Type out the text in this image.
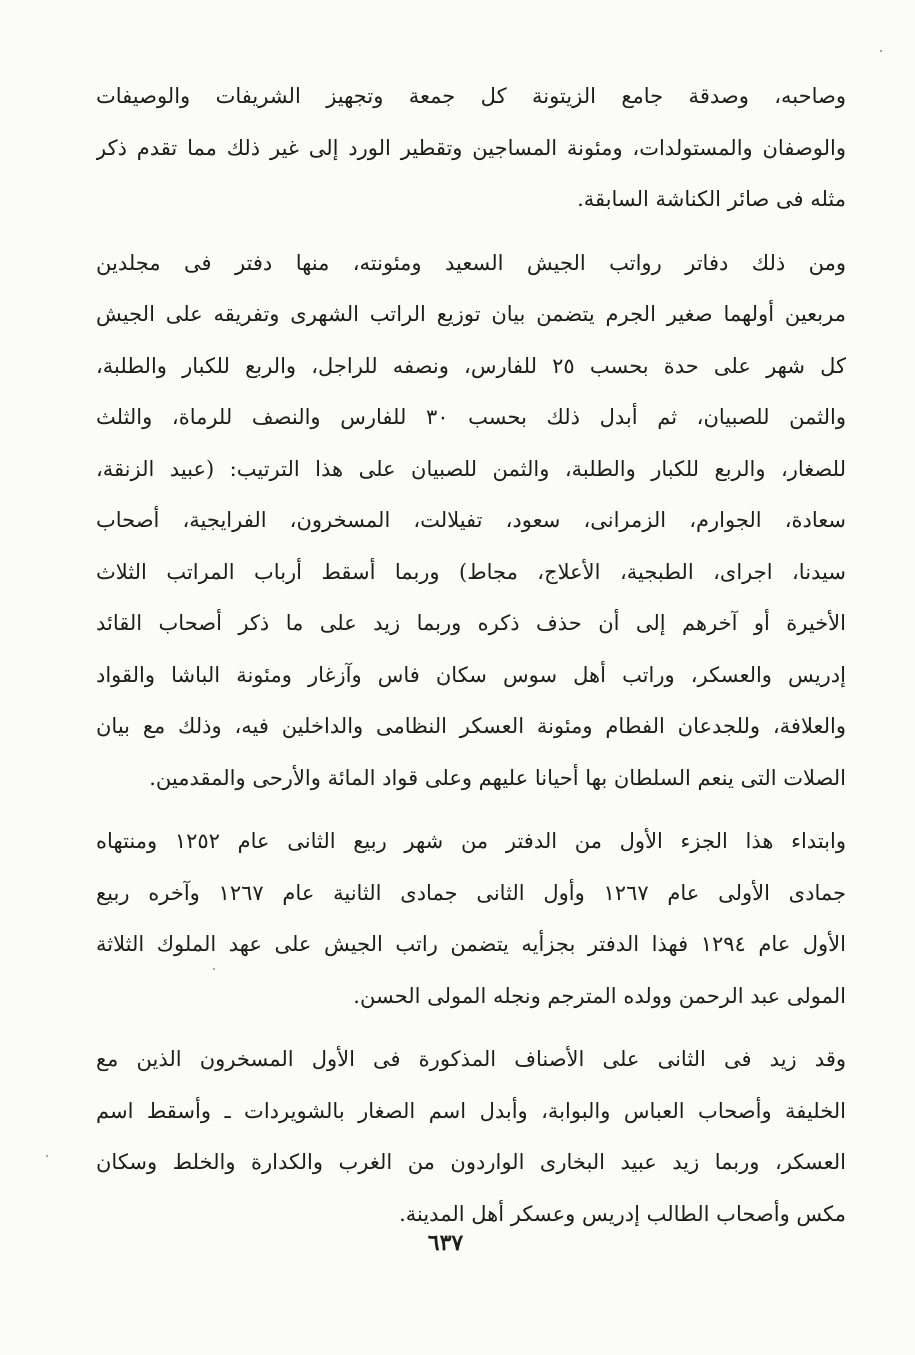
وصاحبه، وصدقة جامع الزيتونة كل جمعة وتجهيز الشريفات والوصيفات
والوصفان والمستولدات، ومئونة المساجين وتقطير الورد إلى غير ذلك مما تقدم ذكر
مثله فى صائر الكناشة السابقة.
ومن ذلك دفاتر رواتب الجيش السعيد ومئونته، منها دفتر فى مجلدين
مربعين أولهما صغير الجرم يتضمن بيان توزيع الراتب الشهرى وتفريقه على الجيش
كل شهر على حدة بحسب ٢٥ للفارس، ونصفه للراجل، والربع للكبار والطلبة،
والثمن للصبيان، ثم أبدل ذلك بحسب ٣٠ للفارس والنصف للرماة، والثلث
للصغار، والربع للكبار والطلبة، والثمن للصبيان على هذا الترتيب: (عبيد الزنقة،
سعادة، الجوارم، الزمرانى، سعود، تفيلالت، المسخرون، الفرايجية، أصحاب
سيدنا، اجراى، الطبجية، الأعلاج، مجاط) وربما أسقط أرباب المراتب الثلاث
الأخيرة أو آخرهم إلى أن حذف ذكره وربما زيد على ما ذكر أصحاب القائد
إدريس والعسكر، وراتب أهل سوس سكان فاس وآزغار ومئونة الباشا والقواد
والعلافة، وللجدعان الفطام ومئونة العسكر النظامى والداخلين فيه، وذلك مع بيان
الصلات التى ينعم السلطان بها أحيانا عليهم وعلى قواد المائة والأرحى والمقدمين.
وابتداء هذا الجزء الأول من الدفتر من شهر ربيع الثانى عام ١٢٥٢ ومنتهاه
جمادى الأولى عام ١٢٦٧ وأول الثانى جمادى الثانية عام ١٢٦٧ وآخره ربيع
الأول عام ١٢٩٤ فهذا الدفتر بجزأيه يتضمن راتب الجيش على عهد الملوك الثلاثة
المولى عبد الرحمن وولده المترجم ونجله المولى الحسن.
وقد زيد فى الثانى على الأصناف المذكورة فى الأول المسخرون الذين مع
الخليفة وأصحاب العباس والبوابة، وأبدل اسم الصغار بالشويردات ـ وأسقط اسم
العسكر، وربما زيد عبيد البخارى الواردون من الغرب والكدارة والخلط وسكان
مكس وأصحاب الطالب إدريس وعسكر أهل المدينة.
٦٣٧
